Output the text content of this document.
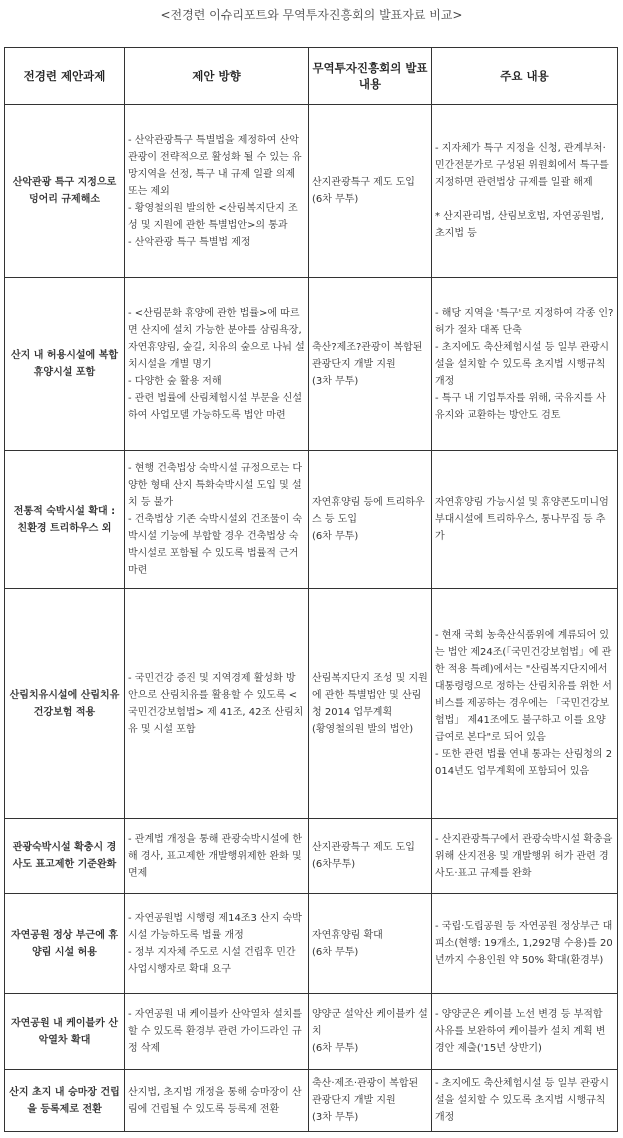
<전경련 이슈리포트와 무역투자진흥회의 발표자료 비교>
전경련 제안과제	제안 방향	무역투자진흥회의 발표내용	주요 내용
산악관광 특구 지정으로 덩어리 규제해소	- 산악관광특구 특별법을 제정하여 산악관광이 전략적으로 활성화 될 수 있는 유망지역을 선정, 특구 내 규제 일괄 의제 또는 제외
- 황영철의원 발의한 <산림복지단지 조성 및 지원에 관한 특별법안>의 통과
- 산악관광 특구 특별법 제정	산지관광특구 제도 도입
(6차 무투)	- 지자체가 특구 지정을 신청, 관계부처· 민간전문가로 구성된 위원회에서 특구를 지정하면 관련법상 규제를 일괄 해제
* 산지관리법, 산림보호법, 자연공원법, 초지법 등

산지 내 허용시설에 복합휴양시설 포함	- <산림문화 휴양에 관한 법률>에 따르면 산지에 설치 가능한 분야를 삼림욕장, 자연휴양림, 숲길, 치유의 숲으로 나눠 설치시설을 개별 명기
- 다양한 숲 활용 저해
- 관련 법률에 산림체험시설 부문을 신설하여 사업모델 가능하도록 법안 마련	축산?제조?관광이 복합된 관광단지 개발 지원
(3차 무투)	- 해당 지역을 '특구'로 지정하여 각종 인?허가 절차 대폭 단축
- 초지에도 축산체험시설 등 일부 관광시설을 설치할 수 있도록 초지법 시행규칙 개정
- 특구 내 기업투자를 위해, 국유지를 사유지와 교환하는 방안도 검토

전통적 숙박시설 확대 : 친환경 트리하우스 외	- 현행 건축법상 숙박시설 규정으로는 다양한 형태 산지 특화숙박시설 도입 및 설치 등 불가
- 건축법상 기존 숙박시설외 건조물이 숙박시설 기능에 부합할 경우 건축법상 숙박시설로 포함될 수 있도록 법률적 근거 마련	자연휴양림 등에 트리하우스 등 도입
(6차 무투)	자연휴양림 가능시설 및 휴양콘도미니엄 부대시설에 트리하우스, 통나무집 등 추가

산림치유시설에 산림치유 건강보험 적용	- 국민건강 증진 및 지역경제 활성화 방안으로 산림치유를 활용할 수 있도록 <국민건강보험법> 제 41조, 42조 산림치유 및 시설 포함	산림복지단지 조성 및 지원에 관한 특별법안 및 산림청 2014 업무계획
(황영철의원 발의 법안)	- 현재 국회 농축산식품위에 계류되어 있는 법안 제24조(「국민건강보험법」에 관한 적용 특례)에서는 "산림복지단지에서 대통령령으로 정하는 산림치유를 위한 서비스를 제공하는 경우에는 「국민건강보험법」 제41조에도 불구하고 이를 요양급여로 본다"로 되어 있음
- 또한 관련 법률 연내 통과는 산림청의 2014년도 업무계획에 포함되어 있음

관광숙박시설 확충시 경사도 표고제한 기준완화	- 관계법 개정을 통해 관광숙박시설에 한해 경사, 표고제한 개발행위제한 완화 및 면제	산지관광특구 제도 도입
(6차무투)	- 산지관광특구에서 관광숙박시설 확충을 위해 산지전용 및 개발행위 허가 관련 경사도·표고 규제를 완화

자연공원 정상 부근에 휴양림 시설 허용	- 자연공원법 시행령 제14조3 산지 숙박시설 가능하도록 법률 개정
- 정부 지자체 주도로 시설 건립후 민간사업시행자로 확대 요구	자연휴양림 확대
(6차 무투)	- 국립·도립공원 등 자연공원 정상부근 대피소(현행: 19개소, 1,292명 수용)를 20년까지 수용인원 약 50% 확대(환경부)

자연공원 내 케이블카 산악열차 확대	- 자연공원 내 케이블카 산악열차 설치를 할 수 있도록 환경부 관련 가이드라인 규정 삭제	양양군 설악산 케이블카 설치
(6차 무투)	- 양양군은 케이블 노선 변경 등 부적합 사유를 보완하여 케이블카 설치 계획 변경안 제출('15년 상반기)

산지 초지 내 승마장 건립을 등록제로 전환	산지법, 초지법 개정을 통해 승마장이 산림에 건립될 수 있도록 등록제 전환	축산·제조·관광이 복합된 관광단지 개발 지원
(3차 무투)	- 초지에도 축산체험시설 등 일부 관광시설을 설치할 수 있도록 초지법 시행규칙 개정
